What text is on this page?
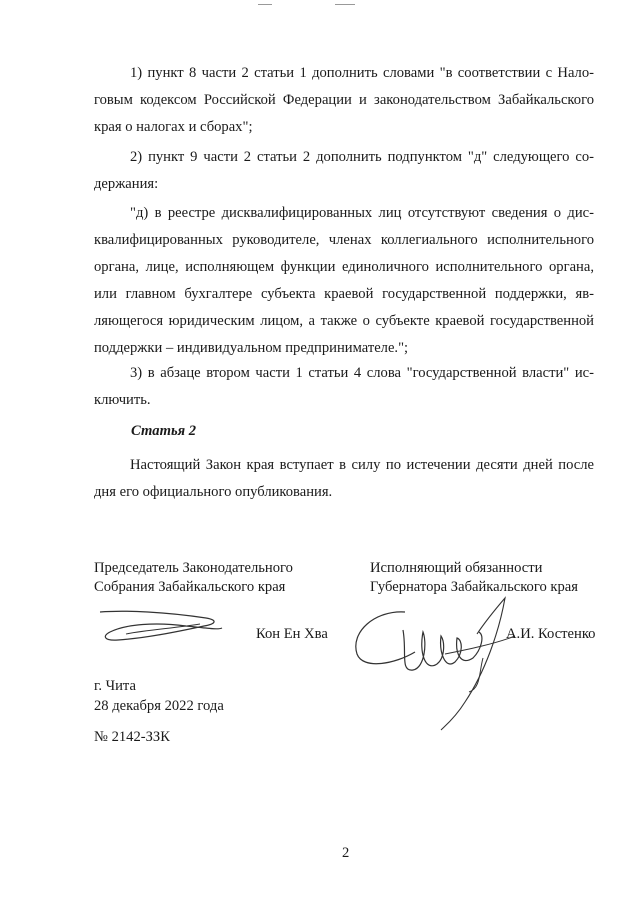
1) пункт 8 части 2 статьи 1 дополнить словами "в соответствии с Нало-
говым кодексом Российской Федерации и законодательством Забайкальского
края о налогах и сборах";
2) пункт 9 части 2 статьи 2 дополнить подпунктом "д" следующего со-
держания:
"д) в реестре дисквалифицированных лиц отсутствуют сведения о дис-
квалифицированных руководителе, членах коллегиального исполнительного
органа, лице, исполняющем функции единоличного исполнительного органа,
или главном бухгалтере субъекта краевой государственной поддержки, яв-
ляющегося юридическим лицом, а также о субъекте краевой государственной
поддержки – индивидуальном предпринимателе.";
3) в абзаце втором части 1 статьи 4 слова "государственной власти" ис-
ключить.
Статья 2
Настоящий Закон края вступает в силу по истечении десяти дней после
дня его официального опубликования.
Председатель Законодательного
Собрания Забайкальского края
Кон Ен Хва
Исполняющий обязанности
Губернатора Забайкальского края
А.И. Костенко
г. Чита
28 декабря 2022 года
№ 2142-ЗЗК
2
